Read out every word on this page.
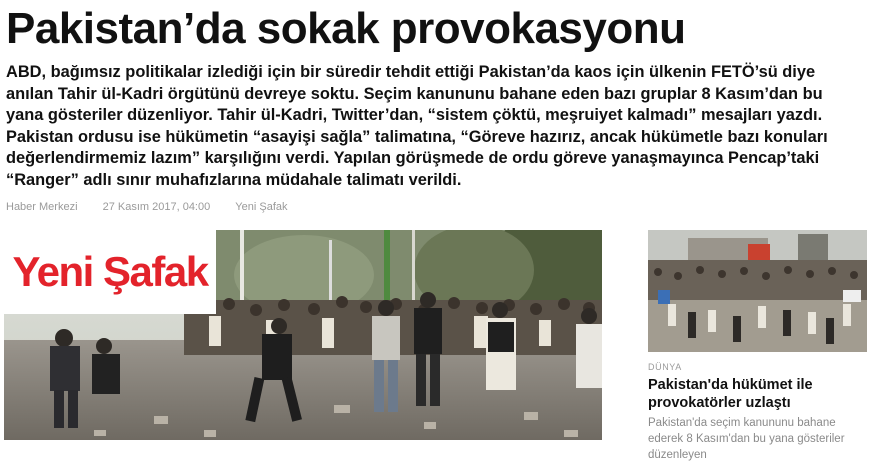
Pakistan’da sokak provokasyonu

ABD, bağımsız politikalar izlediği için bir süredir tehdit ettiği Pakistan’da kaos için ülkenin FETÖ’sü diye anılan Tahir ül-Kadri örgütünü devreye soktu. Seçim kanununu bahane eden bazı gruplar 8 Kasım’dan bu yana gösteriler düzenliyor. Tahir ül-Kadri, Twitter’dan, “sistem çöktü, meşruiyet kalmadı” mesajları yazdı. Pakistan ordusu ise hükümetin “asayişi sağla” talimatına, “Göreve hazırız, ancak hükümetle bazı konuları değerlendirmemiz lazım” karşılığını verdi. Yapılan görüşmede de ordu göreve yanaşmayınca Pencap’taki “Ranger” adlı sınır muhafızlarına müdahale talimatı verildi.

Haber Merkezi 27 Kasım 2017, 04:00 Yeni Şafak
Yeni Şafak
DÜNYA

Pakistan'da hükümet ile provokatörler uzlaştı

Pakistan'da seçim kanununu bahane ederek 8 Kasım'dan bu yana gösteriler düzenleyen
